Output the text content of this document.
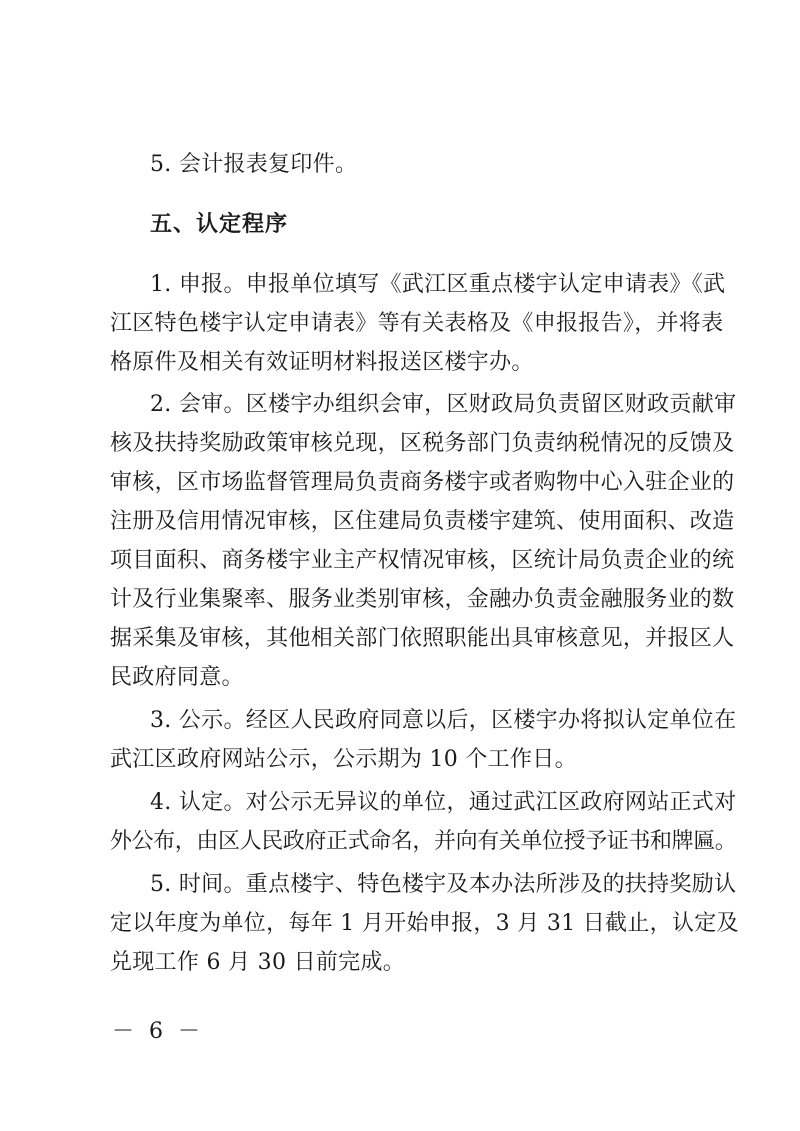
5. 会计报表复印件。
五、认定程序
1. 申报。申报单位填写《武江区重点楼宇认定申请表》《武
江区特色楼宇认定申请表》等有关表格及《申报报告》，并将表
格原件及相关有效证明材料报送区楼宇办。
2. 会审。区楼宇办组织会审，区财政局负责留区财政贡献审
核及扶持奖励政策审核兑现，区税务部门负责纳税情况的反馈及
审核，区市场监督管理局负责商务楼宇或者购物中心入驻企业的
注册及信用情况审核，区住建局负责楼宇建筑、使用面积、改造
项目面积、商务楼宇业主产权情况审核，区统计局负责企业的统
计及行业集聚率、服务业类别审核，金融办负责金融服务业的数
据采集及审核，其他相关部门依照职能出具审核意见，并报区人
民政府同意。
3. 公示。经区人民政府同意以后，区楼宇办将拟认定单位在
武江区政府网站公示，公示期为 10 个工作日。
4. 认定。对公示无异议的单位，通过武江区政府网站正式对
外公布，由区人民政府正式命名，并向有关单位授予证书和牌匾。
5. 时间。重点楼宇、特色楼宇及本办法所涉及的扶持奖励认
定以年度为单位，每年 1 月开始申报，3 月 31 日截止，认定及
兑现工作 6 月 30 日前完成。
－ 6 －
